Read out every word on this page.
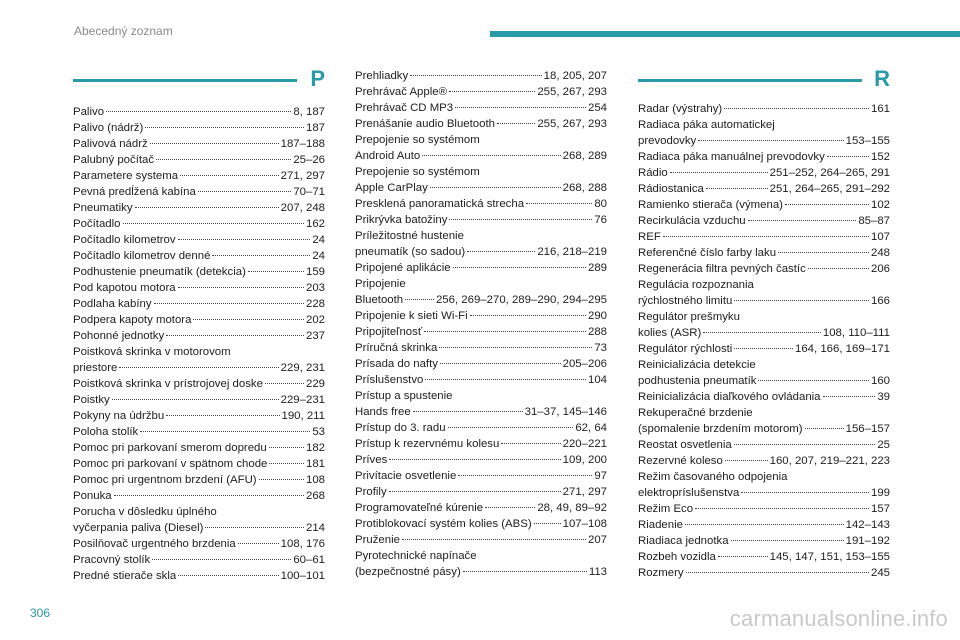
Abecedný zoznam
P
Palivo	8, 187
Palivo (nádrž)	187
Palivová nádrž	187–188
Palubný počítač	25–26
Parametere systema	271, 297
Pevná predĺžená kabína	70–71
Pneumatiky	207, 248
Počítadlo	162
Počítadlo kilometrov	24
Počítadlo kilometrov denné	24
Podhustenie pneumatík (detekcia)	159
Pod kapotou motora	203
Podlaha kabíny	228
Podpera kapoty motora	202
Pohonné jednotky	237
Poistková skrinka v motorovom
priestore	229, 231
Poistková skrinka v prístrojovej doske	229
Poistky	229–231
Pokyny na údržbu	190, 211
Poloha stolík	53
Pomoc pri parkovaní smerom dopredu	182
Pomoc pri parkovaní v spätnom chode	181
Pomoc pri urgentnom brzdení (AFU)	108
Ponuka	268
Porucha v dôsledku úplného
vyčerpania paliva (Diesel)	214
Posilňovač urgentného brzdenia	108, 176
Pracovný stolík	60–61
Predné stierače skla	100–101
Prehliadky	18, 205, 207
Prehrávač Apple®	255, 267, 293
Prehrávač CD MP3	254
Prenášanie audio Bluetooth	255, 267, 293
Prepojenie so systémom
Android Auto	268, 289
Prepojenie so systémom
Apple CarPlay	268, 288
Presklená panoramatická strecha	80
Prikrývka batožiny	76
Príležitostné hustenie
pneumatík (so sadou)	216, 218–219
Pripojené aplikácie	289
Pripojenie
Bluetooth	256, 269–270, 289–290, 294–295
Pripojenie k sieti Wi-Fi	290
Pripojiteľnosť	288
Príručná skrinka	73
Prísada do nafty	205–206
Príslušenstvo	104
Prístup a spustenie
Hands free	31–37, 145–146
Prístup do 3. radu	62, 64
Prístup k rezervnému kolesu	220–221
Príves	109, 200
Privítacie osvetlenie	97
Profily	271, 297
Programovateľné kúrenie	28, 49, 89–92
Protiblokovací systém kolies (ABS)	107–108
Pruženie	207
Pyrotechnické napínače
(bezpečnostné pásy)	113
R
Radar (výstrahy)	161
Radiaca páka automatickej
prevodovky	153–155
Radiaca páka manuálnej prevodovky	152
Rádio	251–252, 264–265, 291
Rádiostanica	251, 264–265, 291–292
Ramienko stierača (výmena)	102
Recirkulácia vzduchu	85–87
REF	107
Referenčné číslo farby laku	248
Regenerácia filtra pevných častíc	206
Regulácia rozpoznania
rýchlostného limitu	166
Regulátor prešmyku
kolies (ASR)	108, 110–111
Regulátor rýchlosti	164, 166, 169–171
Reinicializácia detekcie
podhustenia pneumatík	160
Reinicializácia diaľkového ovládania	39
Rekuperačné brzdenie
(spomalenie brzdením motorom)	156–157
Reostat osvetlenia	25
Rezervné koleso	160, 207, 219–221, 223
Režim časovaného odpojenia
elektropríslušenstva	199
Režim Eco	157
Riadenie	142–143
Riadiaca jednotka	191–192
Rozbeh vozidla	145, 147, 151, 153–155
Rozmery	245
306	carmanualsonline.info
